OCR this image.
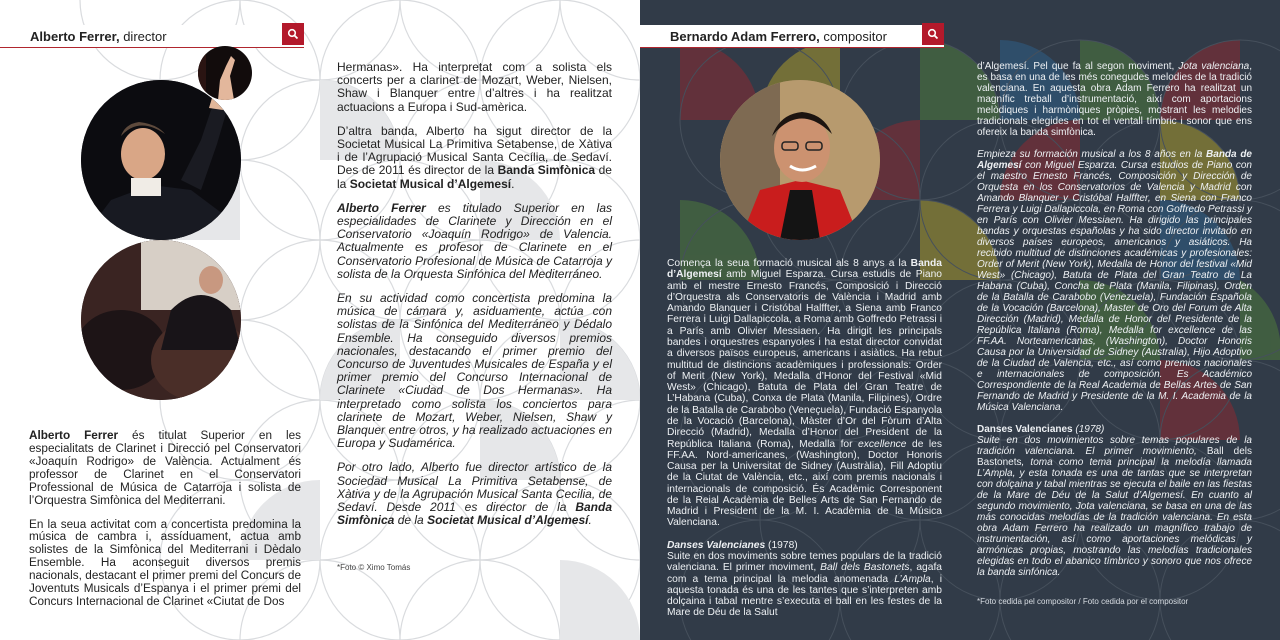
Alberto Ferrer, director

Alberto Ferrer és titulat Superior en les especialitats de Clarinet i Direcció pel Conservatori «Joaquín Rodrigo» de València. Actualment és professor de Clarinet en el Conservatori Professional de Música de Catarroja i solista de l’Orquestra Simfònica del Mediterrani.

En la seua activitat com a concertista predomina la música de cambra i, assíduament, actua amb solistes de la Simfònica del Mediterrani i Dèdalo Ensemble. Ha aconseguit diversos premis nacionals, destacant el primer premi del Concurs de Joventuts Musicals d’Espanya i el primer premi del Concurs Internacional de Clarinet «Ciutat de Dos

Hermanas». Ha interpretat com a solista els concerts per a clarinet de Mozart, Weber, Nielsen, Shaw i Blanquer entre d’altres i ha realitzat actuacions a Europa i Sud-amèrica.

D’altra banda, Alberto ha sigut director de la Societat Musical La Primitiva Setabense, de Xàtiva i de l’Agrupació Musical Santa Cecília, de Sedaví. Des de 2011 és director de la Banda Simfònica de la Societat Musical d’Algemesí.

Alberto Ferrer es titulado Superior en las especialidades de Clarinete y Dirección en el Conservatorio «Joaquín Rodrigo» de Valencia. Actualmente es profesor de Clarinete en el Conservatorio Profesional de Música de Catarroja y solista de la Orquesta Sinfónica del Mediterráneo.

En su actividad como concertista predomina la música de cámara y, asiduamente, actúa con solistas de la Sinfónica del Mediterráneo y Dédalo Ensemble. Ha conseguido diversos premios nacionales, destacando el primer premio del Concurso de Juventudes Musicales de España y el primer premio del Concurso Internacional de Clarinete «Ciudad de Dos Hermanas». Ha interpretado como solista los conciertos para clarinete de Mozart, Weber, Nielsen, Shaw y Blanquer entre otros, y ha realizado actuaciones en Europa y Sudamérica.

Por otro lado, Alberto fue director artístico de la Sociedad Musical La Primitiva Setabense, de Xàtiva y de la Agrupación Musical Santa Cecilia, de Sedaví. Desde 2011 es director de la Banda Simfònica de la Societat Musical d’Algemesí.

*Foto © Ximo Tomás
Bernardo Adam Ferrero, compositor

Comença la seua formació musical als 8 anys a la Banda d’Algemesí amb Miguel Esparza. Cursa estudis de Piano amb el mestre Ernesto Francés, Composició i Direcció d’Orquestra als Conservatoris de València i Madrid amb Amando Blanquer i Cristóbal Halffter, a Siena amb Franco Ferrera i Luigi Dallapiccola, a Roma amb Goffredo Petrassi i a París amb Olivier Messiaen. Ha dirigit les principals bandes i orquestres espanyoles i ha estat director convidat a diversos països europeus, americans i asiàtics. Ha rebut multitud de distincions acadèmiques i professionals: Order of Merit (New York), Medalla d’Honor del Festival «Mid West» (Chicago), Batuta de Plata del Gran Teatre de L’Habana (Cuba), Conxa de Plata (Manila, Filipines), Ordre de la Batalla de Carabobo (Veneçuela), Fundació Espanyola de la Vocació (Barcelona), Màster d’Or del Fòrum d’Alta Direcció (Madrid), Medalla d’Honor del President de la República Italiana (Roma), Medalla for excellence de les FF.AA. Nord-americanes, (Washington), Doctor Honoris Causa per la Universitat de Sidney (Austràlia), Fill Adoptiu de la Ciutat de València, etc., així com premis nacionals i internacionals de composició. És Acadèmic Corresponent de la Reial Acadèmia de Belles Arts de San Fernando de Madrid i President de la M. I. Acadèmia de la Música Valenciana.

Danses Valencianes (1978)
Suite en dos moviments sobre temes populars de la tradició valenciana. El primer moviment, Ball dels Bastonets, agafa com a tema principal la melodia anomenada L’Ampla, i aquesta tonada és una de les tantes que s’interpreten amb dolçaina i tabal mentre s’executa el ball en les festes de la Mare de Déu de la Salut

d’Algemesí. Pel que fa al segon moviment, Jota valenciana, es basa en una de les més conegudes melodies de la tradició valenciana. En aquesta obra Adam Ferrero ha realitzat un magnífic treball d’instrumentació, així com aportacions melòdiques i harmòniques pròpies, mostrant les melodies tradicionals elegides en tot el ventall tímbric i sonor que ens ofereix la banda simfònica.

Empieza su formación musical a los 8 años en la Banda de Algemesí con Miguel Esparza. Cursa estudios de Piano con el maestro Ernesto Francés, Composición y Dirección de Orquesta en los Conservatorios de Valencia y Madrid con Amando Blanquer y Cristóbal Halffter, en Siena con Franco Ferrera y Luigi Dallapiccola, en Roma con Goffredo Petrassi y en París con Olivier Messiaen. Ha dirigido las principales bandas y orquestas españolas y ha sido director invitado en diversos países europeos, americanos y asiáticos. Ha recibido multitud de distinciones académicas y profesionales: Order of Merit (New York), Medalla de Honor del festival «Mid West» (Chicago), Batuta de Plata del Gran Teatro de La Habana (Cuba), Concha de Plata (Manila, Filipinas), Orden de la Batalla de Carabobo (Venezuela), Fundación Española de la Vocación (Barcelona), Master de Oro del Forum de Alta Dirección (Madrid), Medalla de Honor del Presidente de la República Italiana (Roma), Medalla for excellence de las FF.AA. Norteamericanas, (Washington), Doctor Honoris Causa por la Universidad de Sidney (Australia), Hijo Adoptivo de la Ciudad de Valencia, etc., así como premios nacionales e internacionales de composición. Es Académico Correspondiente de la Real Academia de Bellas Artes de San Fernando de Madrid y Presidente de la M. I. Academia de la Música Valenciana.

Danses Valencianes (1978)
Suite en dos movimientos sobre temas populares de la tradición valenciana. El primer movimiento, Ball dels Bastonets, toma como tema principal la melodía llamada L’Ampla, y esta tonada es una de tantas que se interpretan con dolçaina y tabal mientras se ejecuta el baile en las fiestas de la Mare de Déu de la Salut d’Algemesí. En cuanto al segundo movimiento, Jota valenciana, se basa en una de las más conocidas melodías de la tradición valenciana. En esta obra Adam Ferrero ha realizado un magnífico trabajo de instrumentación, así como aportaciones melódicas y armónicas propias, mostrando las melodías tradicionales elegidas en todo el abanico tímbrico y sonoro que nos ofrece la banda sinfónica.

*Foto cedida pel compositor / Foto cedida por el compositor
